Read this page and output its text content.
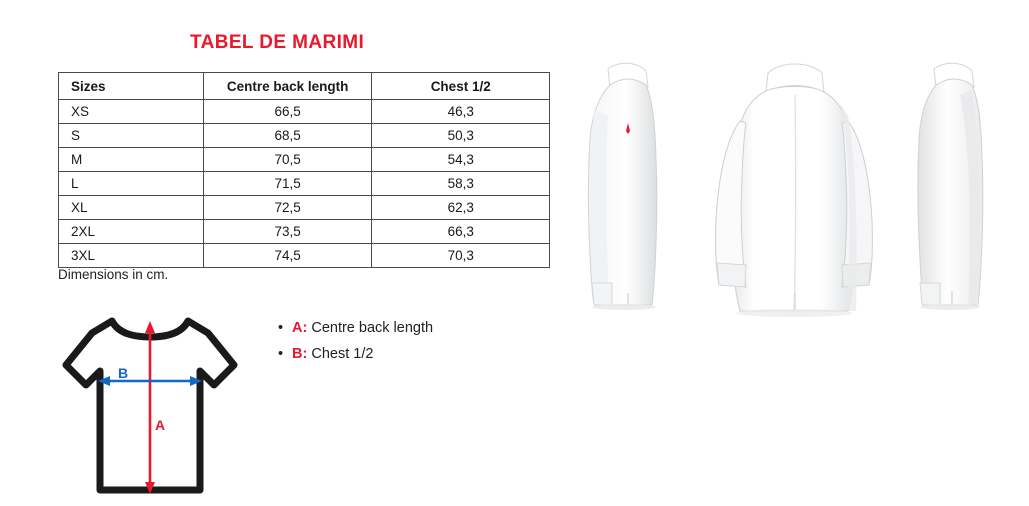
TABEL DE MARIMI
Sizes	Centre back length	Chest 1/2
XS	66,5	46,3
S	68,5	50,3
M	70,5	54,3
L	71,5	58,3
XL	72,5	62,3
2XL	73,5	66,3
3XL	74,5	70,3
Dimensions in cm.
• A: Centre back length
• B: Chest 1/2
A
B
